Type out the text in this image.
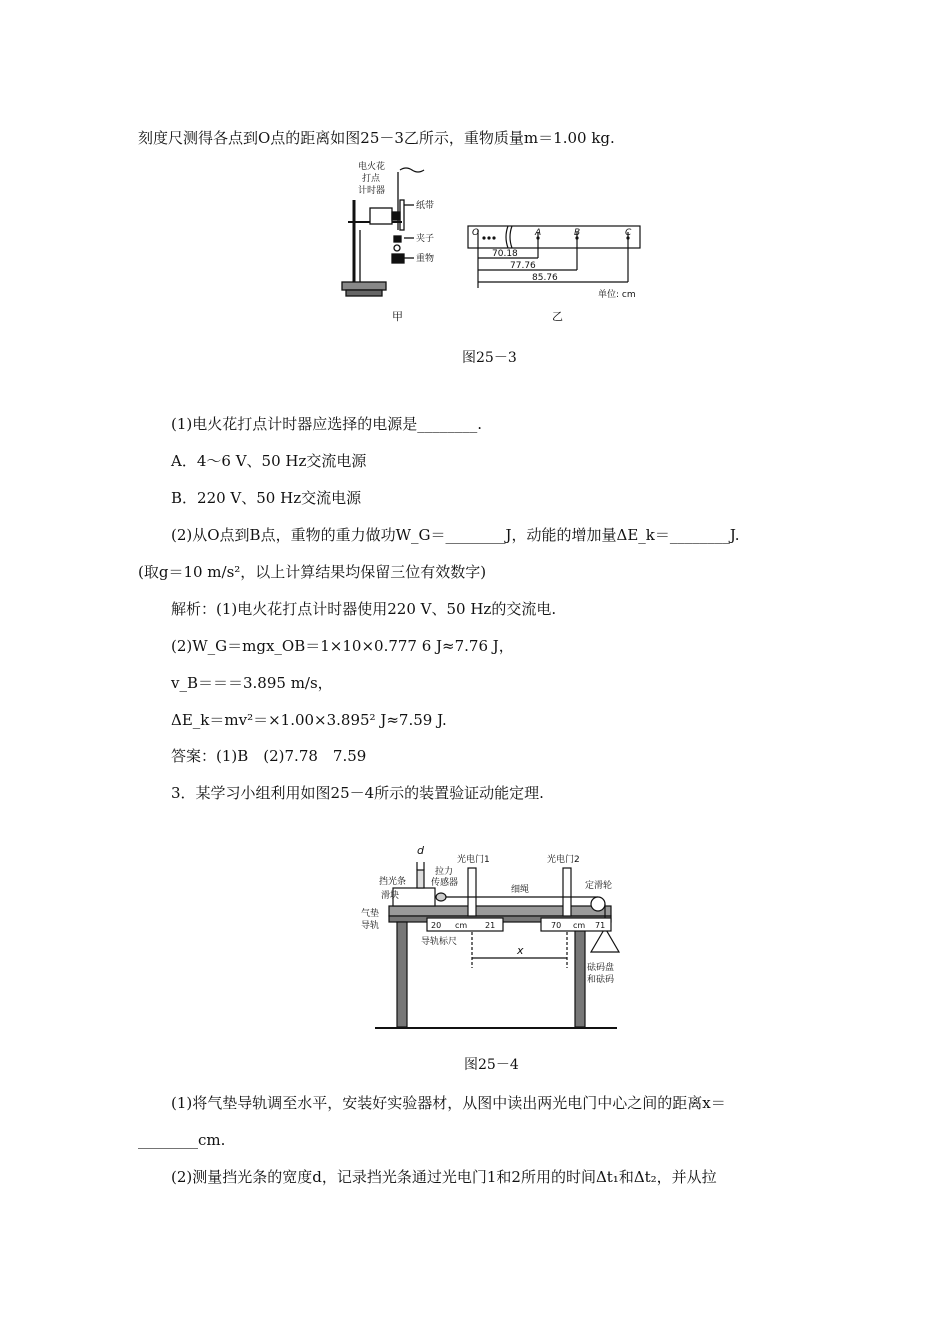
刻度尺测得各点到O点的距离如图25－3乙所示，重物质量m＝1.00 kg.
电火花
打点
计时器
纸带
夹子
重物
甲
O	A	B	C
70.18
77.76
85.76
单位: cm
乙
图25－3
(1)电火花打点计时器应选择的电源是________.
A．4～6 V、50 Hz交流电源
B．220 V、50 Hz交流电源
(2)从O点到B点，重物的重力做功W_G＝________J，动能的增加量ΔE_k＝________J.
(取g＝10 m/s²，以上计算结果均保留三位有效数字)
解析：(1)电火花打点计时器使用220 V、50 Hz的交流电.
(2)W_G＝mgx_OB＝1×10×0.777 6 J≈7.76 J，
v_B＝＝＝3.895 m/s，
ΔE_k＝mv²＝×1.00×3.895² J≈7.59 J.
答案：(1)B　(2)7.78　7.59
3．某学习小组利用如图25－4所示的装置验证动能定理.
d
挡光条
滑块
拉力
传感器
光电门1	光电门2
细绳	定滑轮
气垫
导轨	20 cm 21	70 cm 71
导轨标尺
x
砝码盘
和砝码
图25－4
(1)将气垫导轨调至水平，安装好实验器材，从图中读出两光电门中心之间的距离x＝
________cm.
(2)测量挡光条的宽度d，记录挡光条通过光电门1和2所用的时间Δt₁和Δt₂，并从拉
